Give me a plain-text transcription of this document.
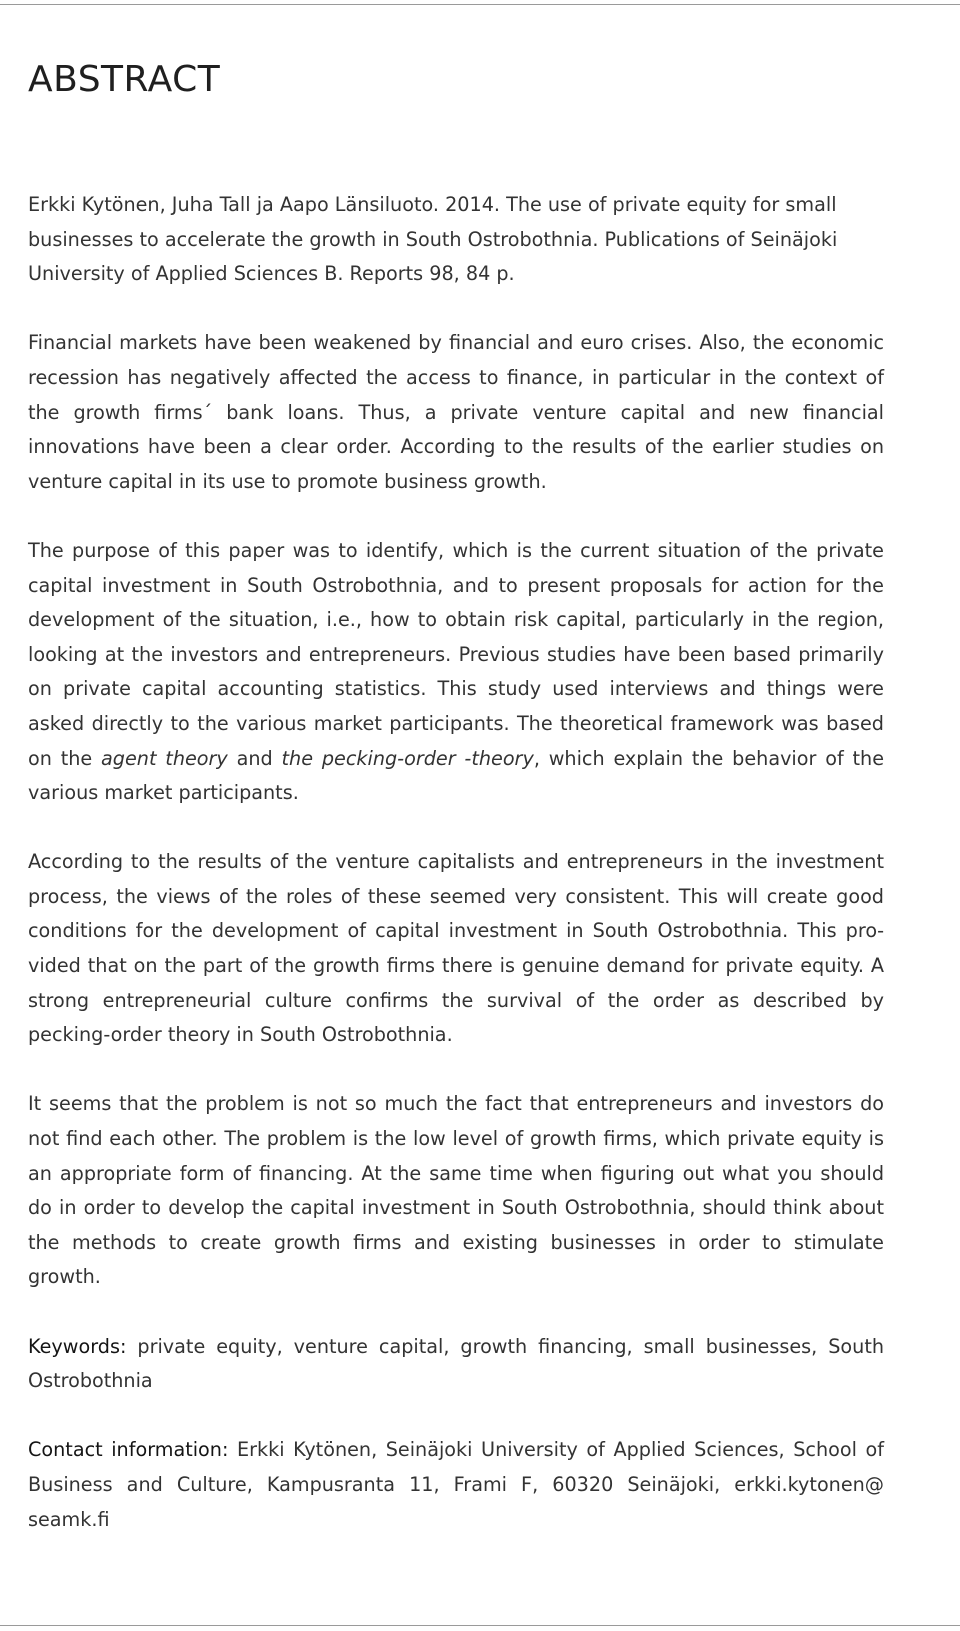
ABSTRACT

Erkki Kytönen, Juha Tall ja Aapo Länsiluoto. 2014. The use of private equity for small businesses to accelerate the growth in South Ostrobothnia. Publications of Seinäjoki University of Applied Sciences B. Reports 98, 84 p.

Financial markets have been weakened by financial and euro crises. Also, the economic recession has negatively affected the access to finance, in particular in the context of the growth firms´ bank loans. Thus, a private venture capital and new financial innovations have been a clear order. According to the results of the earlier studies on venture capital in its use to promote business growth.

The purpose of this paper was to identify, which is the current situation of the private capital investment in South Ostrobothnia, and to present proposals for action for the development of the situation, i.e., how to obtain risk capital, particularly in the region, looking at the investors and entrepreneurs. Previous studies have been based primarily on private capital accounting statistics. This study used interviews and things were asked directly to the various market participants. The theoretical framework was based on the agent theory and the pecking-order -theory, which explain the behavior of the various market participants.

According to the results of the venture capitalists and entrepreneurs in the investment process, the views of the roles of these seemed very consistent. This will create good conditions for the development of capital investment in South Ostrobothnia. This provided that on the part of the growth firms there is genuine demand for private equity. A strong entrepreneurial culture confirms the survival of the order as described by pecking-order theory in South Ostrobothnia.

It seems that the problem is not so much the fact that entrepreneurs and investors do not find each other. The problem is the low level of growth firms, which private equity is an appropriate form of financing. At the same time when figuring out what you should do in order to develop the capital investment in South Ostrobothnia, should think about the methods to create growth firms and existing businesses in order to stimulate growth.

Keywords: private equity, venture capital, growth financing, small businesses, South Ostrobothnia

Contact information: Erkki Kytönen, Seinäjoki University of Applied Sciences, School of Business and Culture, Kampusranta 11, Frami F, 60320 Seinäjoki, erkki.kytonen@ seamk.fi
